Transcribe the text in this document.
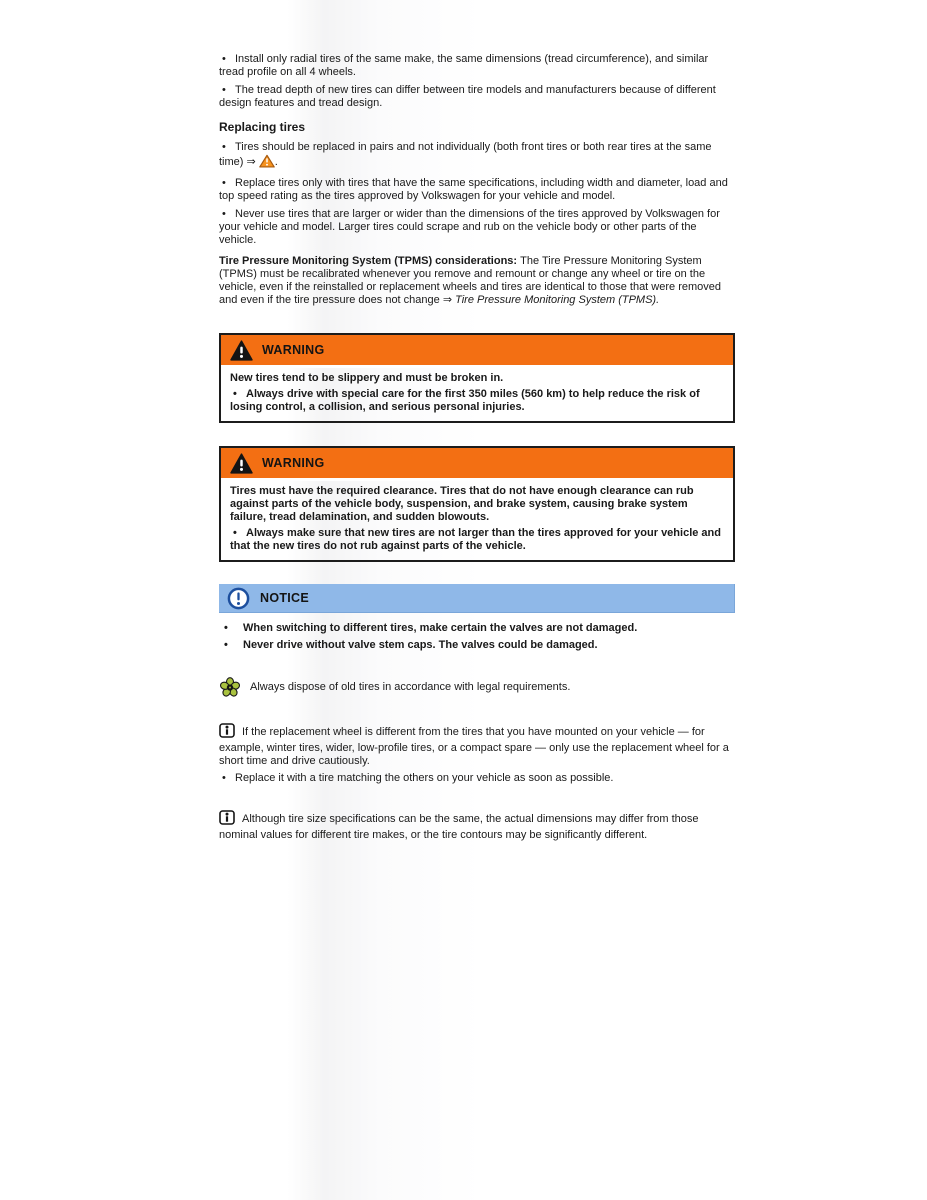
• Install only radial tires of the same make, the same dimensions (tread circumference), and similar tread profile on all 4 wheels.

• The tread depth of new tires can differ between tire models and manufacturers because of different design features and tread design.

Replacing tires

• Tires should be replaced in pairs and not individually (both front tires or both rear tires at the same time) ⇒ .

• Replace tires only with tires that have the same specifications, including width and diameter, load and top speed rating as the tires approved by Volkswagen for your vehicle and model.

• Never use tires that are larger or wider than the dimensions of the tires approved by Volkswagen for your vehicle and model. Larger tires could scrape and rub on the vehicle body or other parts of the vehicle.

Tire Pressure Monitoring System (TPMS) considerations: The Tire Pressure Monitoring System (TPMS) must be recalibrated whenever you remove and remount or change any wheel or tire on the vehicle, even if the reinstalled or replacement wheels and tires are identical to those that were removed and even if the tire pressure does not change ⇒ Tire Pressure Monitoring System (TPMS).

WARNING

New tires tend to be slippery and must be broken in.

• Always drive with special care for the first 350 miles (560 km) to help reduce the risk of losing control, a collision, and serious personal injuries.

WARNING

Tires must have the required clearance. Tires that do not have enough clearance can rub against parts of the vehicle body, suspension, and brake system, causing brake system failure, tread delamination, and sudden blowouts.

• Always make sure that new tires are not larger than the tires approved for your vehicle and that the new tires do not rub against parts of the vehicle.

NOTICE

• When switching to different tires, make certain the valves are not damaged.

• Never drive without valve stem caps. The valves could be damaged.

Always dispose of old tires in accordance with legal requirements.

If the replacement wheel is different from the tires that you have mounted on your vehicle — for example, winter tires, wider, low-profile tires, or a compact spare — only use the replacement wheel for a short time and drive cautiously.

• Replace it with a tire matching the others on your vehicle as soon as possible.

Although tire size specifications can be the same, the actual dimensions may differ from those nominal values for different tire makes, or the tire contours may be significantly different.
